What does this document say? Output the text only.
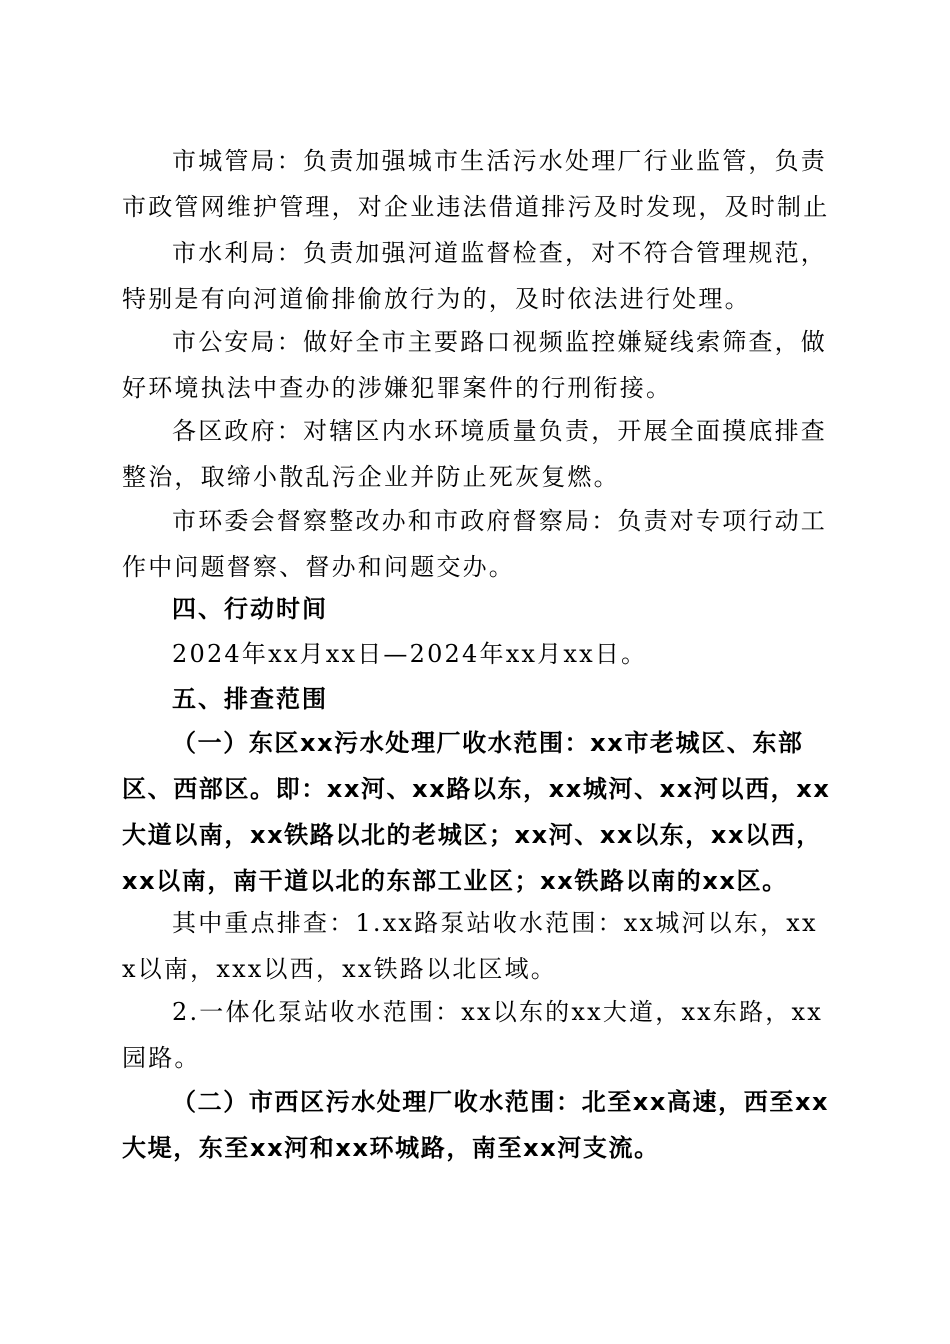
市城管局：负责加强城市生活污水处理厂行业监管，负责市政管网维护管理，对企业违法借道排污及时发现，及时制止

市水利局：负责加强河道监督检查，对不符合管理规范，特别是有向河道偷排偷放行为的，及时依法进行处理。

市公安局：做好全市主要路口视频监控嫌疑线索筛查，做好环境执法中查办的涉嫌犯罪案件的行刑衔接。

各区政府：对辖区内水环境质量负责，开展全面摸底排查整治，取缔小散乱污企业并防止死灰复燃。

市环委会督察整改办和市政府督察局：负责对专项行动工作中问题督察、督办和问题交办。

四、行动时间

2024年xx月xx日—2024年xx月xx日。

五、排查范围

（一）东区xx污水处理厂收水范围：xx市老城区、东部区、西部区。即：xx河、xx路以东，xx城河、xx河以西，xx大道以南，xx铁路以北的老城区；xx河、xx以东，xx以西，xx以南，南干道以北的东部工业区；xx铁路以南的xx区。

其中重点排查：1.xx路泵站收水范围：xx城河以东，xxx以南，xxx以西，xx铁路以北区域。

2.一体化泵站收水范围：xx以东的xx大道，xx东路，xx园路。

（二）市西区污水处理厂收水范围：北至xx高速，西至xx大堤，东至xx河和xx环城路，南至xx河支流。
